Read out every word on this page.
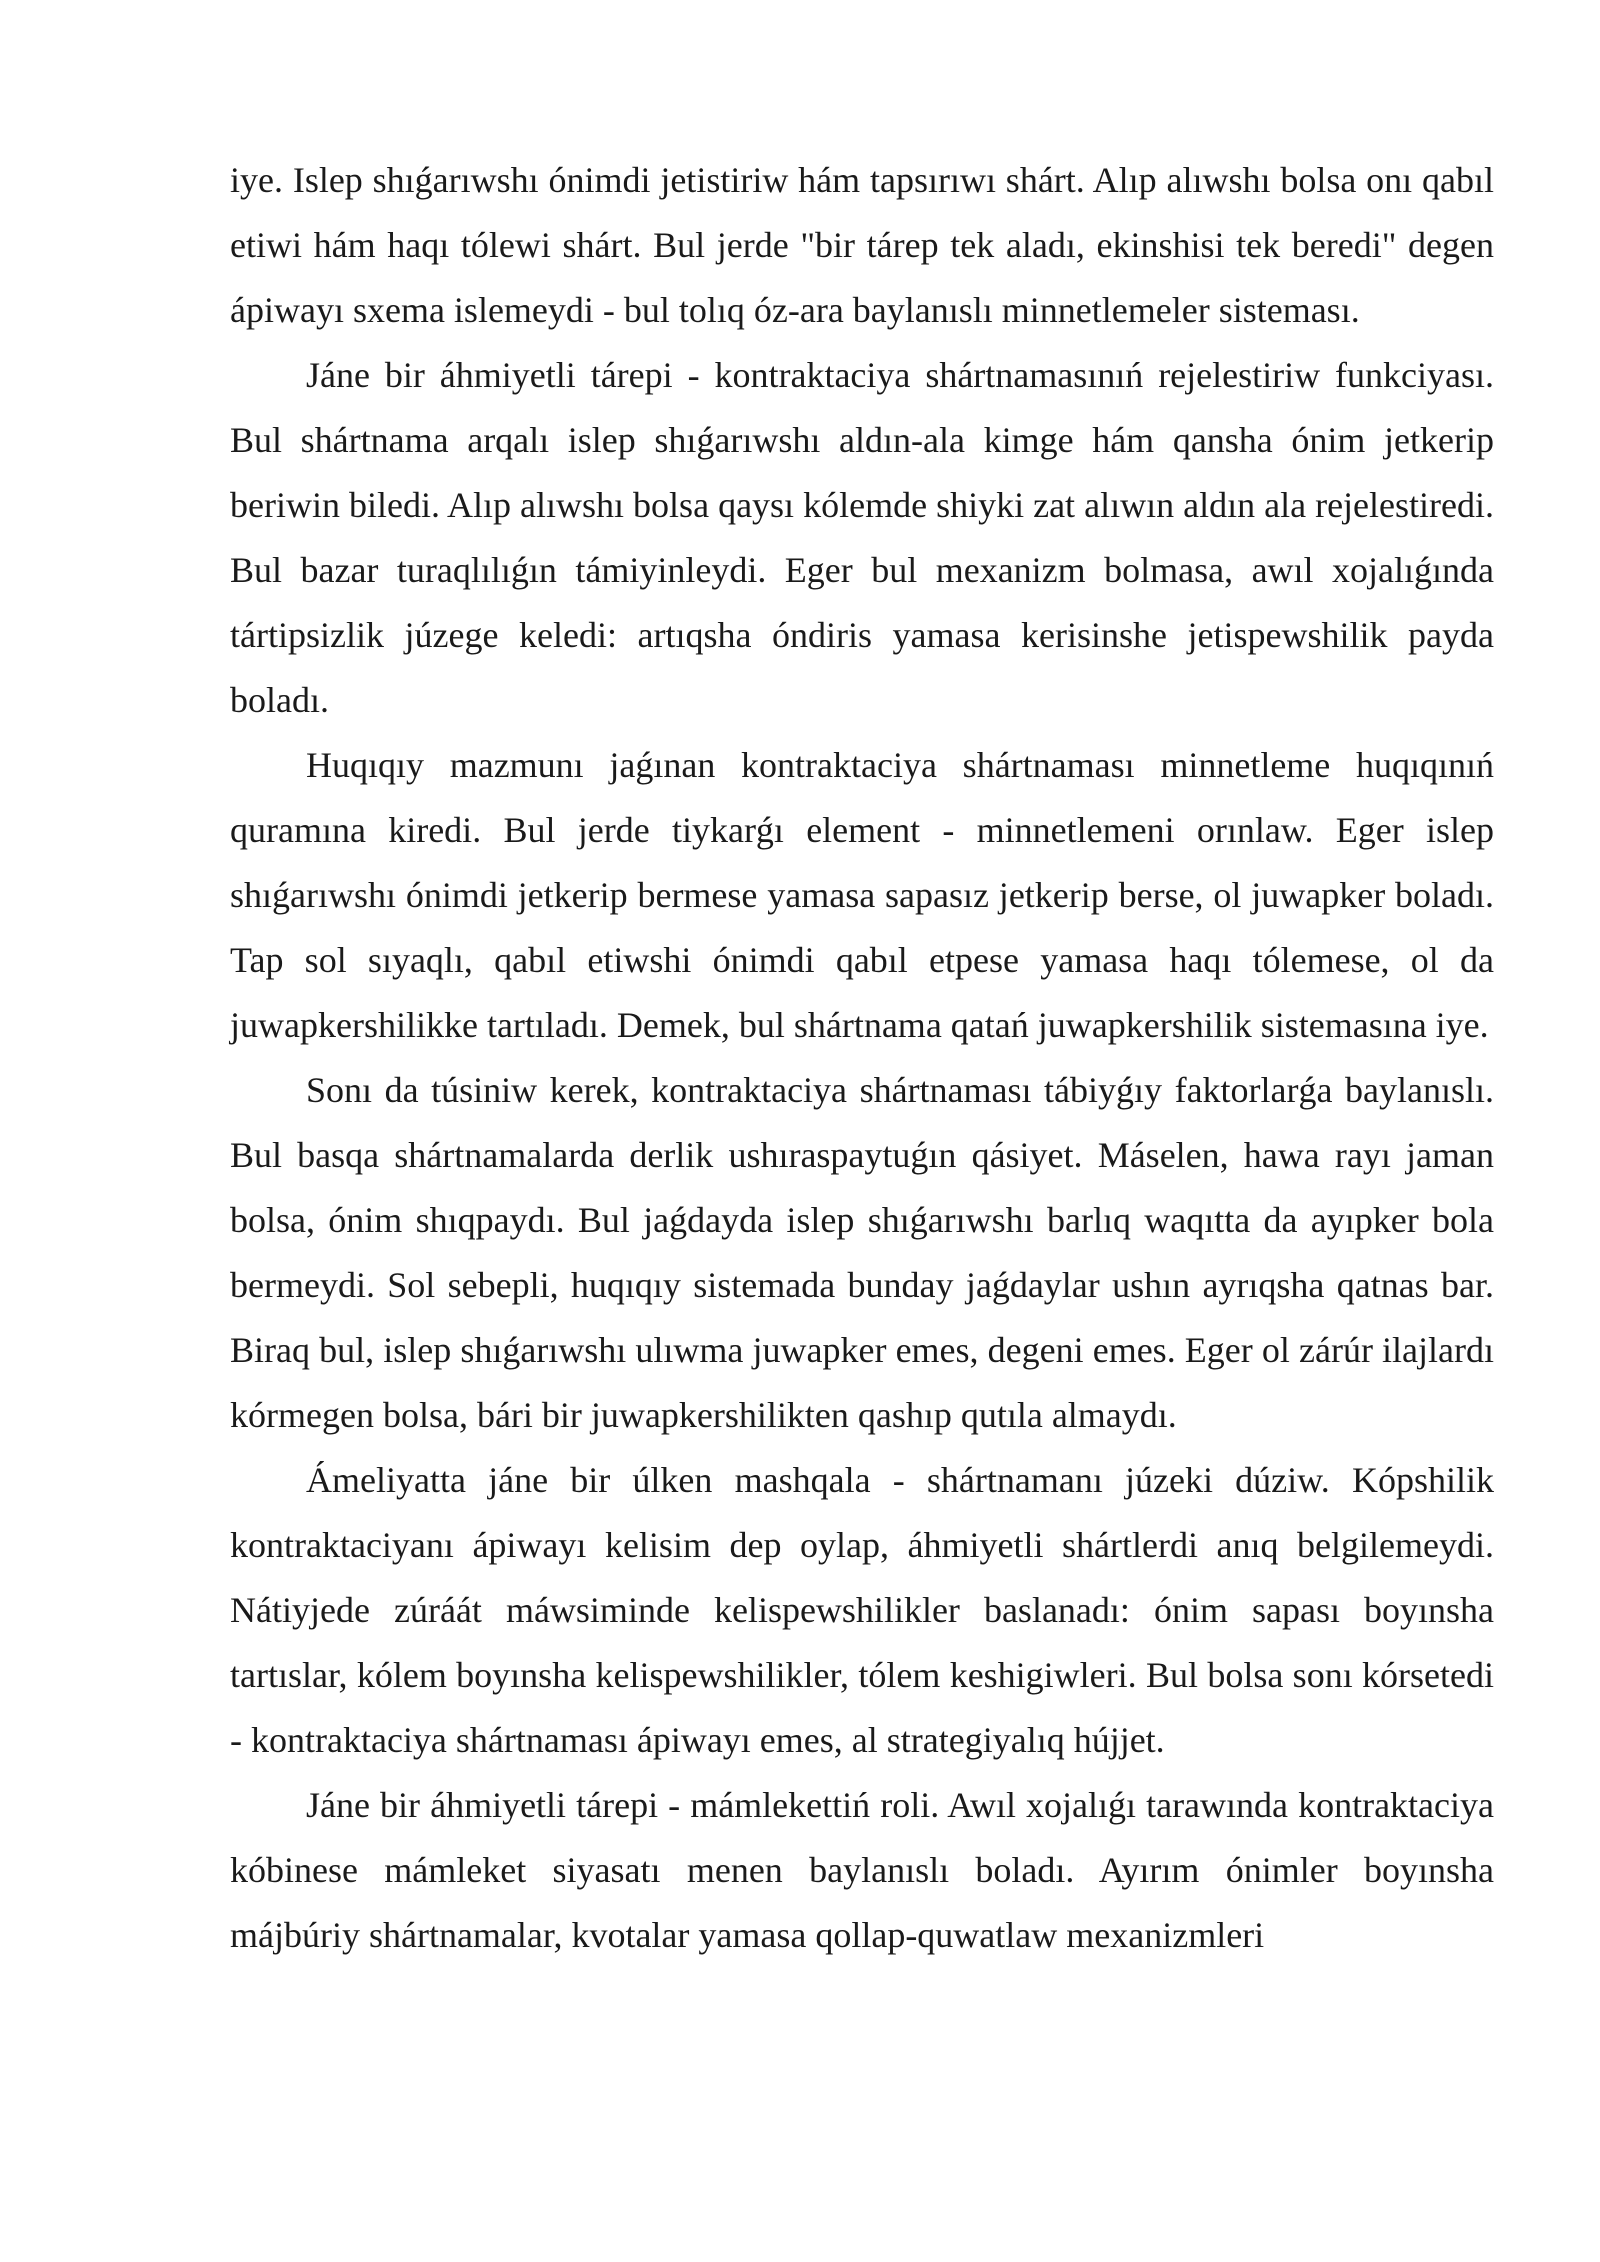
iye. Islep shıǵarıwshı ónimdi jetistiriw hám tapsırıwı shárt. Alıp alıwshı bolsa onı qabıl etiwi hám haqı tólewi shárt. Bul jerde "bir tárep tek aladı, ekinshisi tek beredi" degen ápiwayı sxema islemeydi - bul tolıq óz-ara baylanıslı minnetlemeler sisteması.

Jáne bir áhmiyetli tárepi - kontraktaciya shártnamasınıń rejelestiriw funkciyası. Bul shártnama arqalı islep shıǵarıwshı aldın-ala kimge hám qansha ónim jetkerip beriwin biledi. Alıp alıwshı bolsa qaysı kólemde shiyki zat alıwın aldın ala rejelestiredi. Bul bazar turaqlılıǵın támiyinleydi. Eger bul mexanizm bolmasa, awıl xojalıǵında tártipsizlik júzege keledi: artıqsha óndiris yamasa kerisinshe jetispewshilik payda boladı.

Huqıqıy mazmunı jaǵınan kontraktaciya shártnaması minnetleme huqıqınıń quramına kiredi. Bul jerde tiykarǵı element - minnetlemeni orınlaw. Eger islep shıǵarıwshı ónimdi jetkerip bermese yamasa sapasız jetkerip berse, ol juwapker boladı. Tap sol sıyaqlı, qabıl etiwshi ónimdi qabıl etpese yamasa haqı tólemese, ol da juwapkershilikke tartıladı. Demek, bul shártnama qatań juwapkershilik sistemasına iye.

Sonı da túsiniw kerek, kontraktaciya shártnaması tábiyǵıy faktorlarǵa baylanıslı. Bul basqa shártnamalarda derlik ushıraspaytuǵın qásiyet. Máselen, hawa rayı jaman bolsa, ónim shıqpaydı. Bul jaǵdayda islep shıǵarıwshı barlıq waqıtta da ayıpker bola bermeydi. Sol sebepli, huqıqıy sistemada bunday jaǵdaylar ushın ayrıqsha qatnas bar. Biraq bul, islep shıǵarıwshı ulıwma juwapker emes, degeni emes. Eger ol zárúr ilajlardı kórmegen bolsa, bári bir juwapkershilikten qashıp qutıla almaydı.

Ámeliyatta jáne bir úlken mashqala - shártnamanı júzeki dúziw. Kópshilik kontraktaciyanı ápiwayı kelisim dep oylap, áhmiyetli shártlerdi anıq belgilemeydi. Nátiyjede zúráát máwsiminde kelispewshilikler baslanadı: ónim sapası boyınsha tartıslar, kólem boyınsha kelispewshilikler, tólem keshigiwleri. Bul bolsa sonı kórsetedi - kontraktaciya shártnaması ápiwayı emes, al strategiyalıq hújjet.

Jáne bir áhmiyetli tárepi - mámlekettiń roli. Awıl xojalıǵı tarawında kontraktaciya kóbinese mámleket siyasatı menen baylanıslı boladı. Ayırım ónimler boyınsha májbúriy shártnamalar, kvotalar yamasa qollap-quwatlaw mexanizmleri
